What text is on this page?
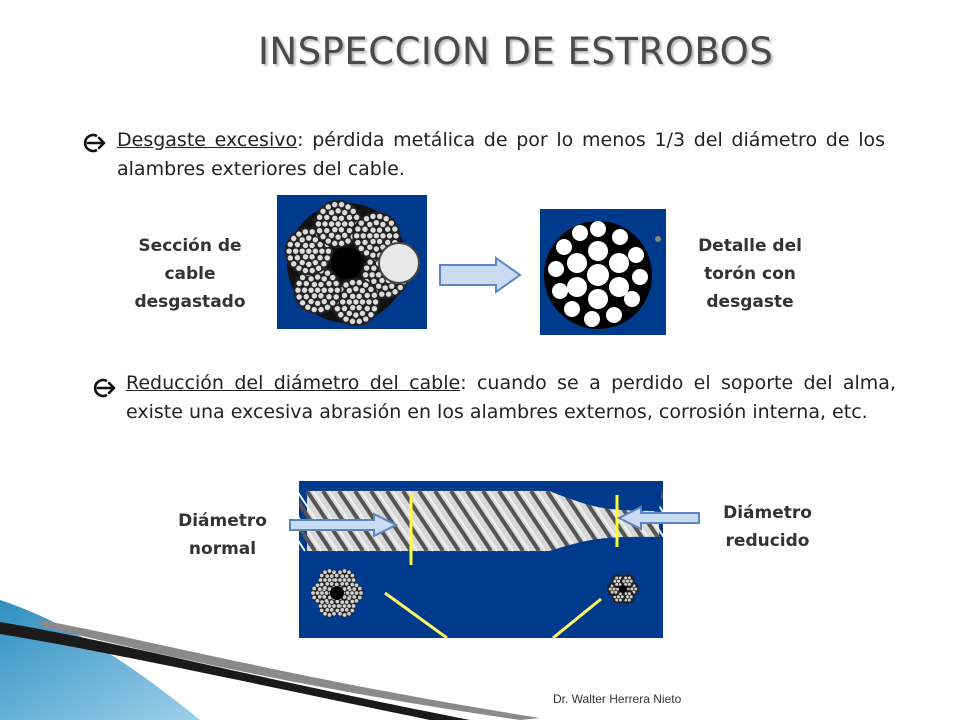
INSPECCION DE ESTROBOS
Desgaste excesivo: pérdida metálica de por lo menos 1/3 del diámetro de los alambres exteriores del cable.
Sección de cable desgastado
Detalle del torón con desgaste
Reducción del diámetro del cable: cuando se a perdido el soporte del alma, existe una excesiva abrasión en los alambres externos, corrosión interna, etc.
Diámetro normal
Diámetro reducido
Dr. Walter Herrera Nieto
